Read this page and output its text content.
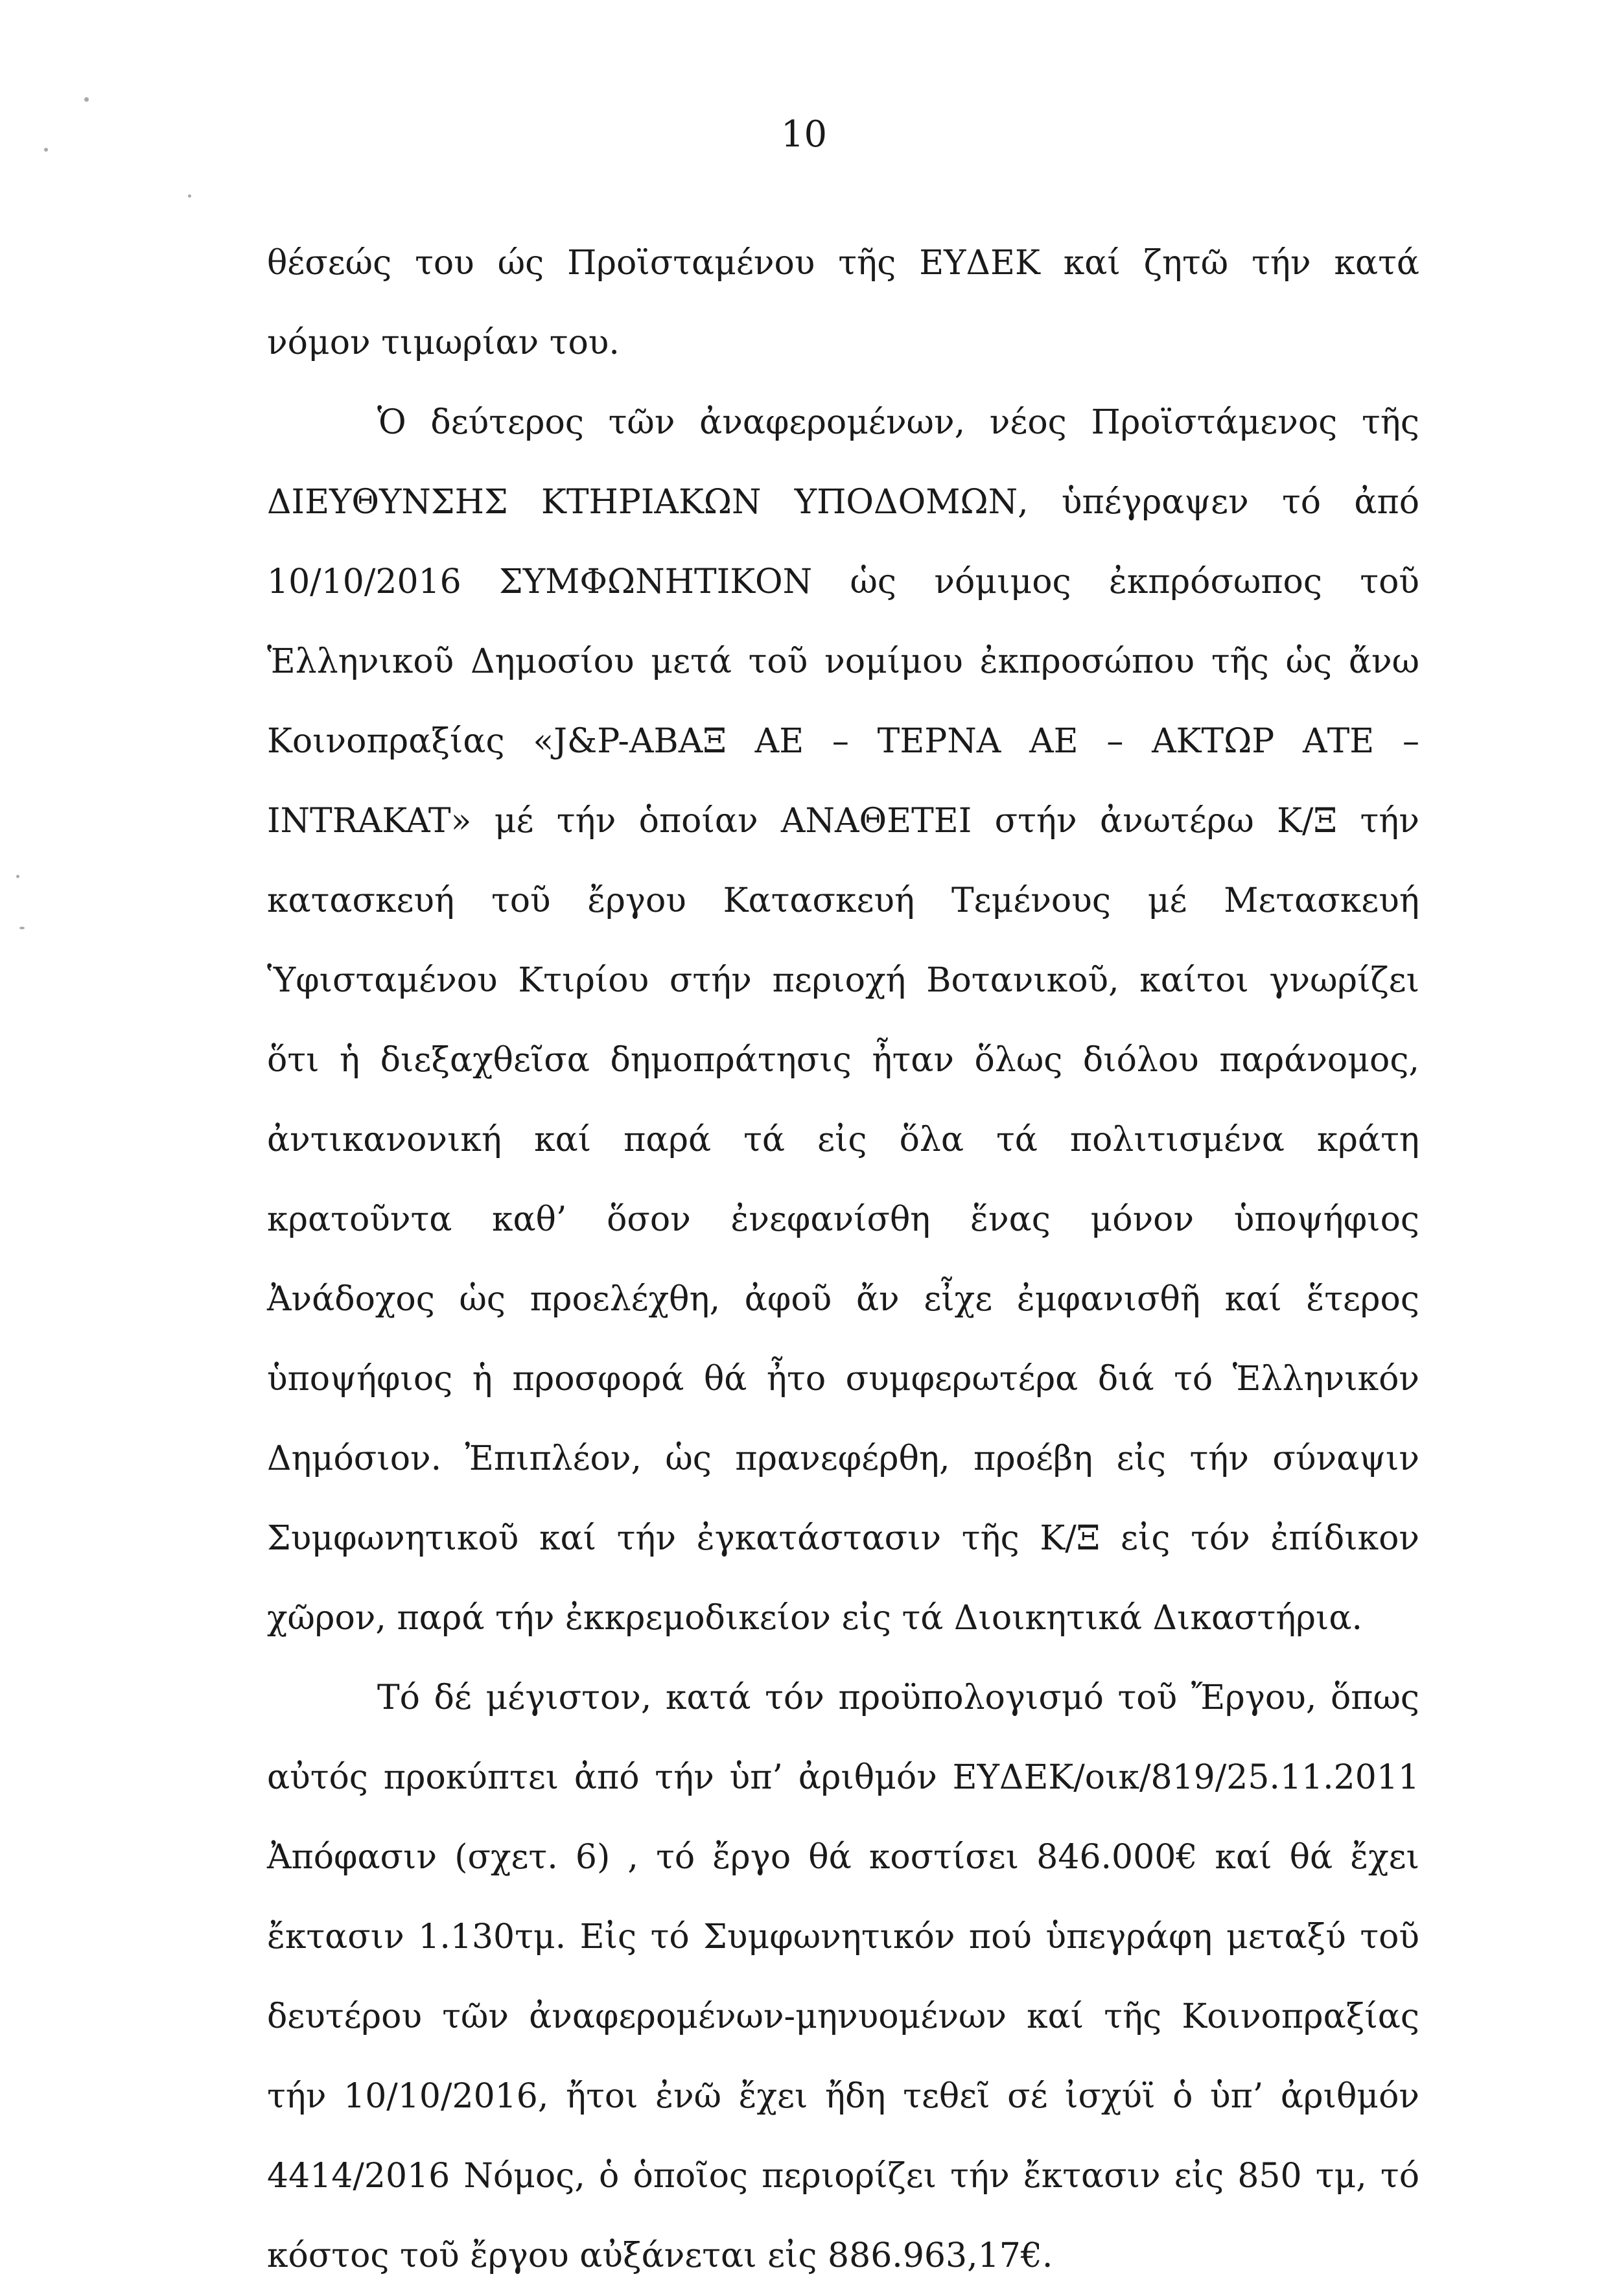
10

θέσεώς του ώς Προϊσταμένου τῆς ΕΥΔΕΚ καί ζητῶ τήν κατά νόμον τιμωρίαν του.

Ὁ δεύτερος τῶν ἀναφερομένων, νέος Προϊστάμενος τῆς ΔΙΕΥΘΥΝΣΗΣ ΚΤΗΡΙΑΚΩΝ ΥΠΟΔΟΜΩΝ, ὑπέγραψεν τό ἀπό 10/10/2016 ΣΥΜΦΩΝΗΤΙΚΟΝ ὡς νόμιμος ἐκπρόσωπος τοῦ Ἑλληνικοῦ Δημοσίου μετά τοῦ νομίμου ἐκπροσώπου τῆς ὡς ἄνω Κοινοπραξίας «J&P-ΑΒΑΞ ΑΕ – ΤΕΡΝΑ ΑΕ – ΑΚΤΩΡ ΑΤΕ – INTRAKAT» μέ τήν ὁποίαν ΑΝΑΘΕΤΕΙ στήν ἀνωτέρω Κ/Ξ τήν κατασκευή τοῦ ἔργου Κατασκευή Τεμένους μέ Μετασκευή Ὑφισταμένου Κτιρίου στήν περιοχή Βοτανικοῦ, καίτοι γνωρίζει ὅτι ἡ διεξαχθεῖσα δημοπράτησις ἦταν ὅλως διόλου παράνομος, ἀντικανονική καί παρά τά εἰς ὅλα τά πολιτισμένα κράτη κρατοῦντα καθ’ ὅσον ἐνεφανίσθη ἕνας μόνον ὑποψήφιος Ἀνάδοχος ὡς προελέχθη, ἀφοῦ ἄν εἶχε ἐμφανισθῆ καί ἕτερος ὑποψήφιος ἡ προσφορά θά ἦτο συμφερωτέρα διά τό Ἑλληνικόν Δημόσιον. Ἐπιπλέον, ὡς πρανεφέρθη, προέβη εἰς τήν σύναψιν Συμφωνητικοῦ καί τήν ἐγκατάστασιν τῆς Κ/Ξ εἰς τόν ἐπίδικον χῶρον, παρά τήν ἐκκρεμοδικείον εἰς τά Διοικητικά Δικαστήρια.

Τό δέ μέγιστον, κατά τόν προϋπολογισμό τοῦ Ἔργου, ὅπως αὐτός προκύπτει ἀπό τήν ὑπ’ ἀριθμόν ΕΥΔΕΚ/οικ/819/25.11.2011 Ἀπόφασιν (σχετ. 6) , τό ἔργο θά κοστίσει 846.000€ καί θά ἔχει ἔκτασιν 1.130τμ. Εἰς τό Συμφωνητικόν πού ὑπεγράφη μεταξύ τοῦ δευτέρου τῶν ἀναφερομένων-μηνυομένων καί τῆς Κοινοπραξίας τήν 10/10/2016, ἤτοι ἐνῶ ἔχει ἤδη τεθεῖ σέ ἰσχύϊ ὁ ὑπ’ ἀριθμόν 4414/2016 Νόμος, ὁ ὁποῖος περιορίζει τήν ἔκτασιν εἰς 850 τμ, τό κόστος τοῦ ἔργου αὐξάνεται εἰς 886.963,17€.
